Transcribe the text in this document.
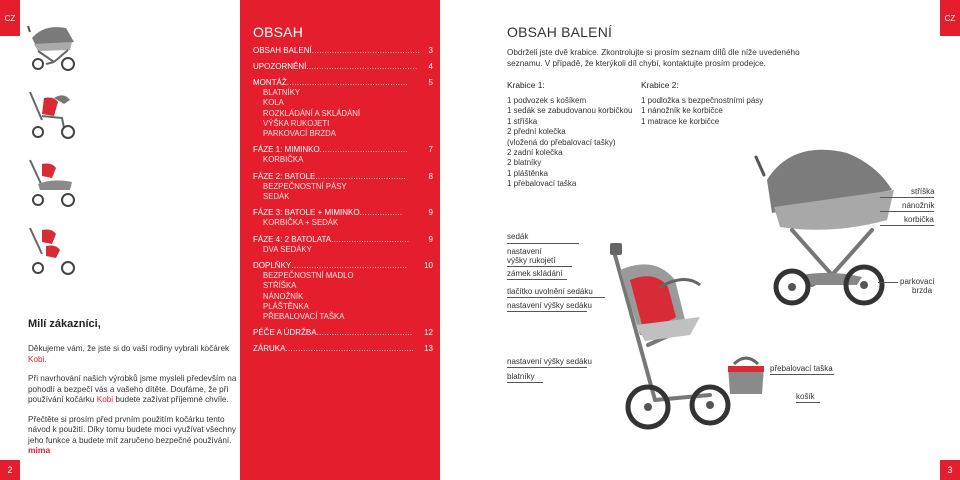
CZ	CZ
2	3

Milí zákazníci,

Děkujeme vám, že jste si do vaší rodiny vybrali kočárek Kobi.

Při navrhování našich výrobků jsme mysleli především na pohodlí a bezpečí vás a vašeho dítěte. Doufáme, že při používání kočárku Kobi budete zažívat příjemné chvíle.

Přečtěte si prosím před prvním použitím kočárku tento návod k použití. Díky tomu budete moci využívat všechny jeho funkce a budete mít zaručeno bezpečné používání.

mima
OBSAH
OBSAH BALENÍ ...........................................	3
UPOZORNĚNÍ ............................................	4
MONTÁŽ ................................................	5
BLATNÍKY
KOLA
ROZKLÁDÁNÍ A SKLÁDÁNÍ
VÝŠKA RUKOJETI
PARKOVACÍ BRZDA
FÁZE 1: MIMINKO ...................................	7
KORBIČKA
FÁZE 2: BATOLE ....................................	8
BEZPEČNOSTNÍ PÁSY
SEDÁK
FÁZE 3: BATOLE + MIMINKO .................	9
KORBIČKA + SEDÁK
FÁZE 4: 2 BATOLATA ...............................	9
DVA SEDÁKY
DOPLŇKY ..............................................	10
BEZPEČNOSTNÍ MADLO
STŘÍŠKA
NÁNOŽNÍK
PLÁŠTĚNKA
PŘEBALOVACÍ TAŠKA
PÉČE A ÚDRŽBA ......................................	12
ZÁRUKA ...................................................	13
OBSAH BALENÍ
Obdrželi jste dvě krabice. Zkontrolujte si prosím seznam dílů dle níže uvedeného seznamu. V případě, že kterýkoli díl chybí, kontaktujte prosím prodejce.
Krabice 1:
1 podvozek s košíkem
1 sedák se zabudovanou korbičkou
1 stříška
2 přední kolečka
(vložená do přebalovací tašky)
2 zadní kolečka
2 blatníky
1 pláštěnka
1 přebalovací taška
Krabice 2:
1 podložka s bezpečnostními pásy
1 nánožník ke korbičce
1 matrace ke korbičce
sedák
nastavení
výšky rukojetí
zámek skládání
tlačítko uvolnění sedáku
nastavení výšky sedáku
nastavení výšky sedáku
blatníky
stříška
nánožník
korbička
parkovací
brzda
přebalovací taška
košík
